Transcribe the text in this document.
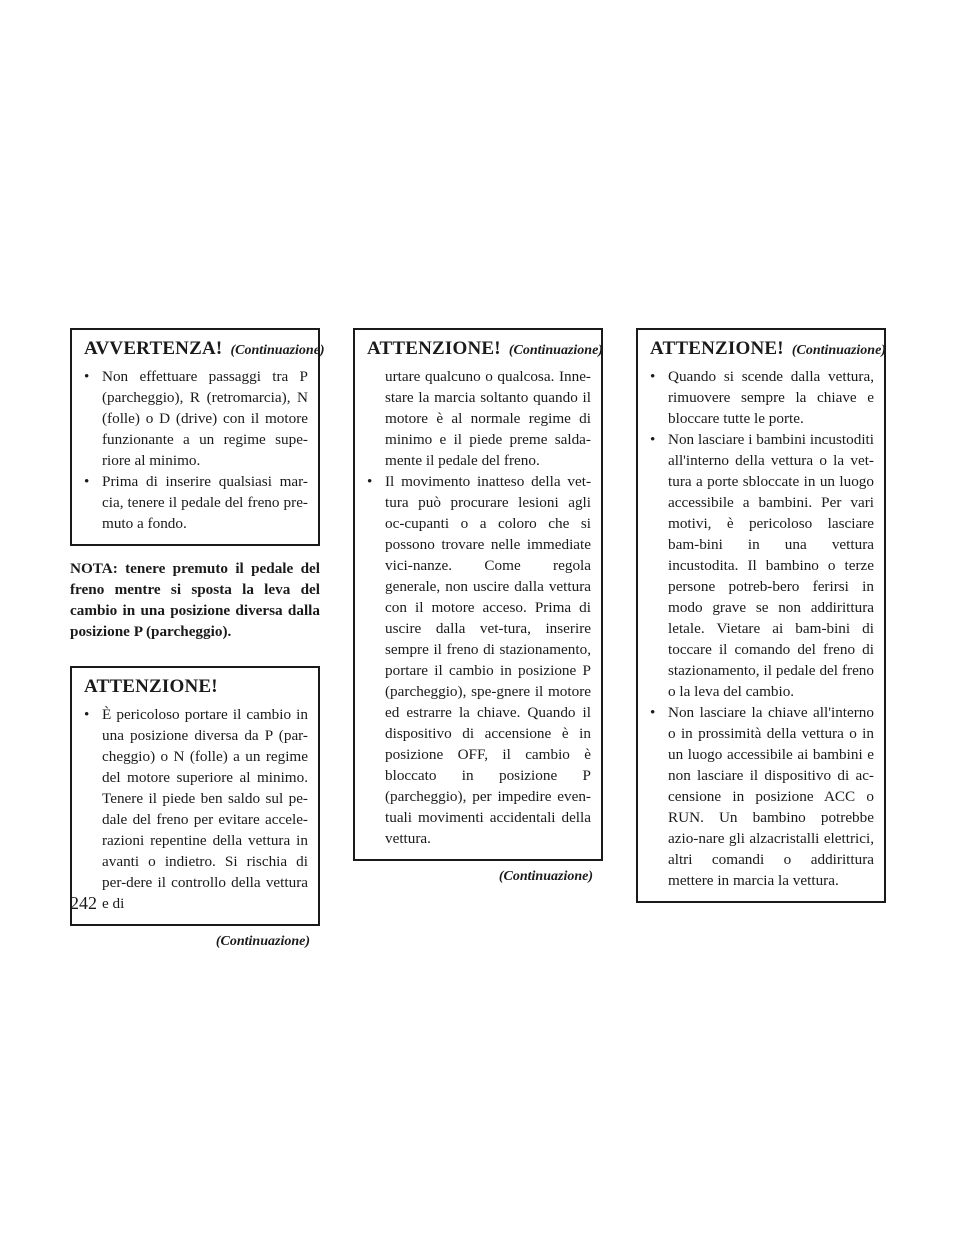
AVVERTENZA! (Continuazione)
• Non effettuare passaggi tra P (parcheggio), R (retromarcia), N (folle) o D (drive) con il motore funzionante a un regime supe-riore al minimo.
• Prima di inserire qualsiasi mar-cia, tenere il pedale del freno pre-muto a fondo.

NOTA: tenere premuto il pedale del freno mentre si sposta la leva del cambio in una posizione diversa dalla posizione P (parcheggio).

ATTENZIONE!
• È pericoloso portare il cambio in una posizione diversa da P (par-cheggio) o N (folle) a un regime del motore superiore al minimo. Tenere il piede ben saldo sul pe-dale del freno per evitare accele-razioni repentine della vettura in avanti o indietro. Si rischia di per-dere il controllo della vettura e di
(Continuazione)
ATTENZIONE! (Continuazione)

urtare qualcuno o qualcosa. Inne-stare la marcia soltanto quando il motore è al normale regime di minimo e il piede preme salda-mente il pedale del freno.

• Il movimento inatteso della vet-tura può procurare lesioni agli oc-cupanti o a coloro che si possono trovare nelle immediate vici-nanze. Come regola generale, non uscire dalla vettura con il motore acceso. Prima di uscire dalla vet-tura, inserire sempre il freno di stazionamento, portare il cambio in posizione P (parcheggio), spe-gnere il motore ed estrarre la chiave. Quando il dispositivo di accensione è in posizione OFF, il cambio è bloccato in posizione P (parcheggio), per impedire even-tuali movimenti accidentali della vettura.
(Continuazione)
ATTENZIONE! (Continuazione)
• Quando si scende dalla vettura, rimuovere sempre la chiave e bloccare tutte le porte.
• Non lasciare i bambini incustoditi all'interno della vettura o la vet-tura a porte sbloccate in un luogo accessibile a bambini. Per vari motivi, è pericoloso lasciare bam-bini in una vettura incustodita. Il bambino o terze persone potreb-bero ferirsi in modo grave se non addirittura letale. Vietare ai bam-bini di toccare il comando del freno di stazionamento, il pedale del freno o la leva del cambio.
• Non lasciare la chiave all'interno o in prossimità della vettura o in un luogo accessibile ai bambini e non lasciare il dispositivo di ac-censione in posizione ACC o RUN. Un bambino potrebbe azio-nare gli alzacristalli elettrici, altri comandi o addirittura mettere in marcia la vettura.
242
